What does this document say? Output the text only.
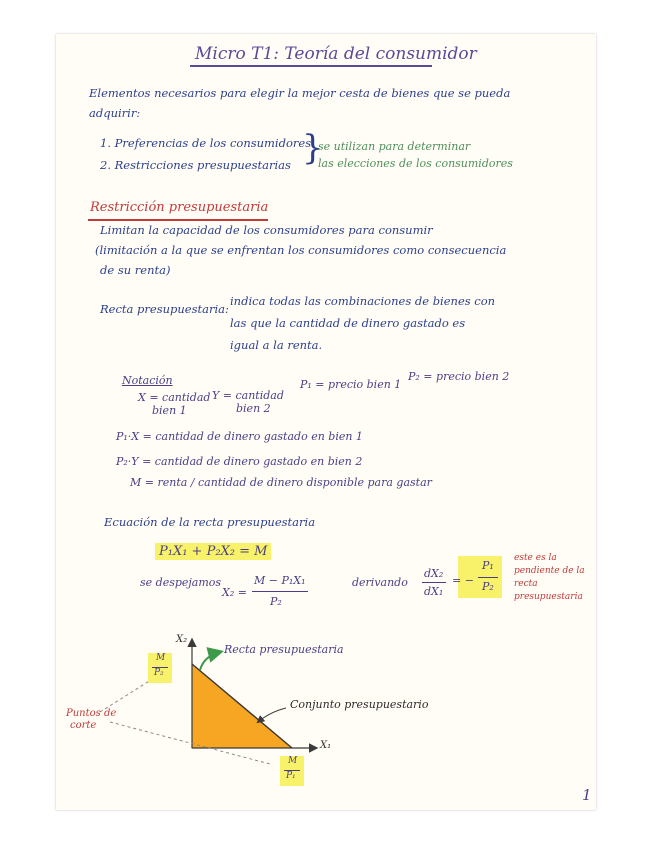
Micro T1: Teoría del consumidor
Elementos necesarios para elegir la mejor cesta de bienes que se pueda
adquirir:
1. Preferencias de los consumidores
2. Restricciones presupuestarias }
se utilizan para determinar
las elecciones de los consumidores
Restricción presupuestaria
Limitan la capacidad de los consumidores para consumir
(limitación a la que se enfrentan los consumidores como consecuencia
de su renta)
Recta presupuestaria:
indica todas las combinaciones de bienes con
las que la cantidad de dinero gastado es
igual a la renta.
Notación
X = cantidad
bien 1
Y = cantidad
bien 2
P₁ = precio bien 1
P₂ = precio bien 2
P₁·X = cantidad de dinero gastado en bien 1
P₂·Y = cantidad de dinero gastado en bien 2
M = renta / cantidad de dinero disponible para gastar
Ecuación de la recta presupuestaria
P₁X₁ + P₂X₂ = M
se despejamos
X₂ =
M − P₁X₁
P₂
derivando
dX₂
dX₁
= −
P₁
P₂
este es la
pendiente de la
recta
presupuestaria
X₂
X₁
M
P₂
M
P₁
Recta presupuestaria
Conjunto presupuestario
Puntos de
corte
1
